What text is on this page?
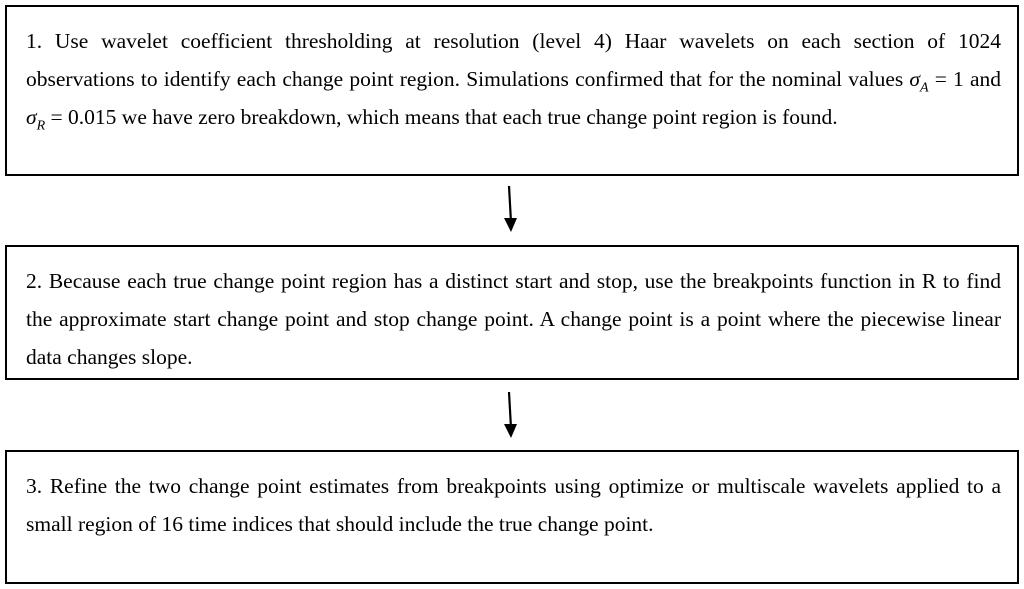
1. Use wavelet coefficient thresholding at resolution (level 4) Haar wavelets on each section of 1024 observations to identify each change point region. Simulations confirmed that for the nominal values $\sigma_A = 1$ and $\sigma_R = 0.015$ we have zero breakdown, which means that each true change point region is found.
2. Because each true change point region has a distinct start and stop, use the breakpoints function in R to find the approximate start change point and stop change point. A change point is a point where the piecewise linear data changes slope.
3. Refine the two change point estimates from breakpoints using optimize or multiscale wavelets applied to a small region of 16 time indices that should include the true change point.
